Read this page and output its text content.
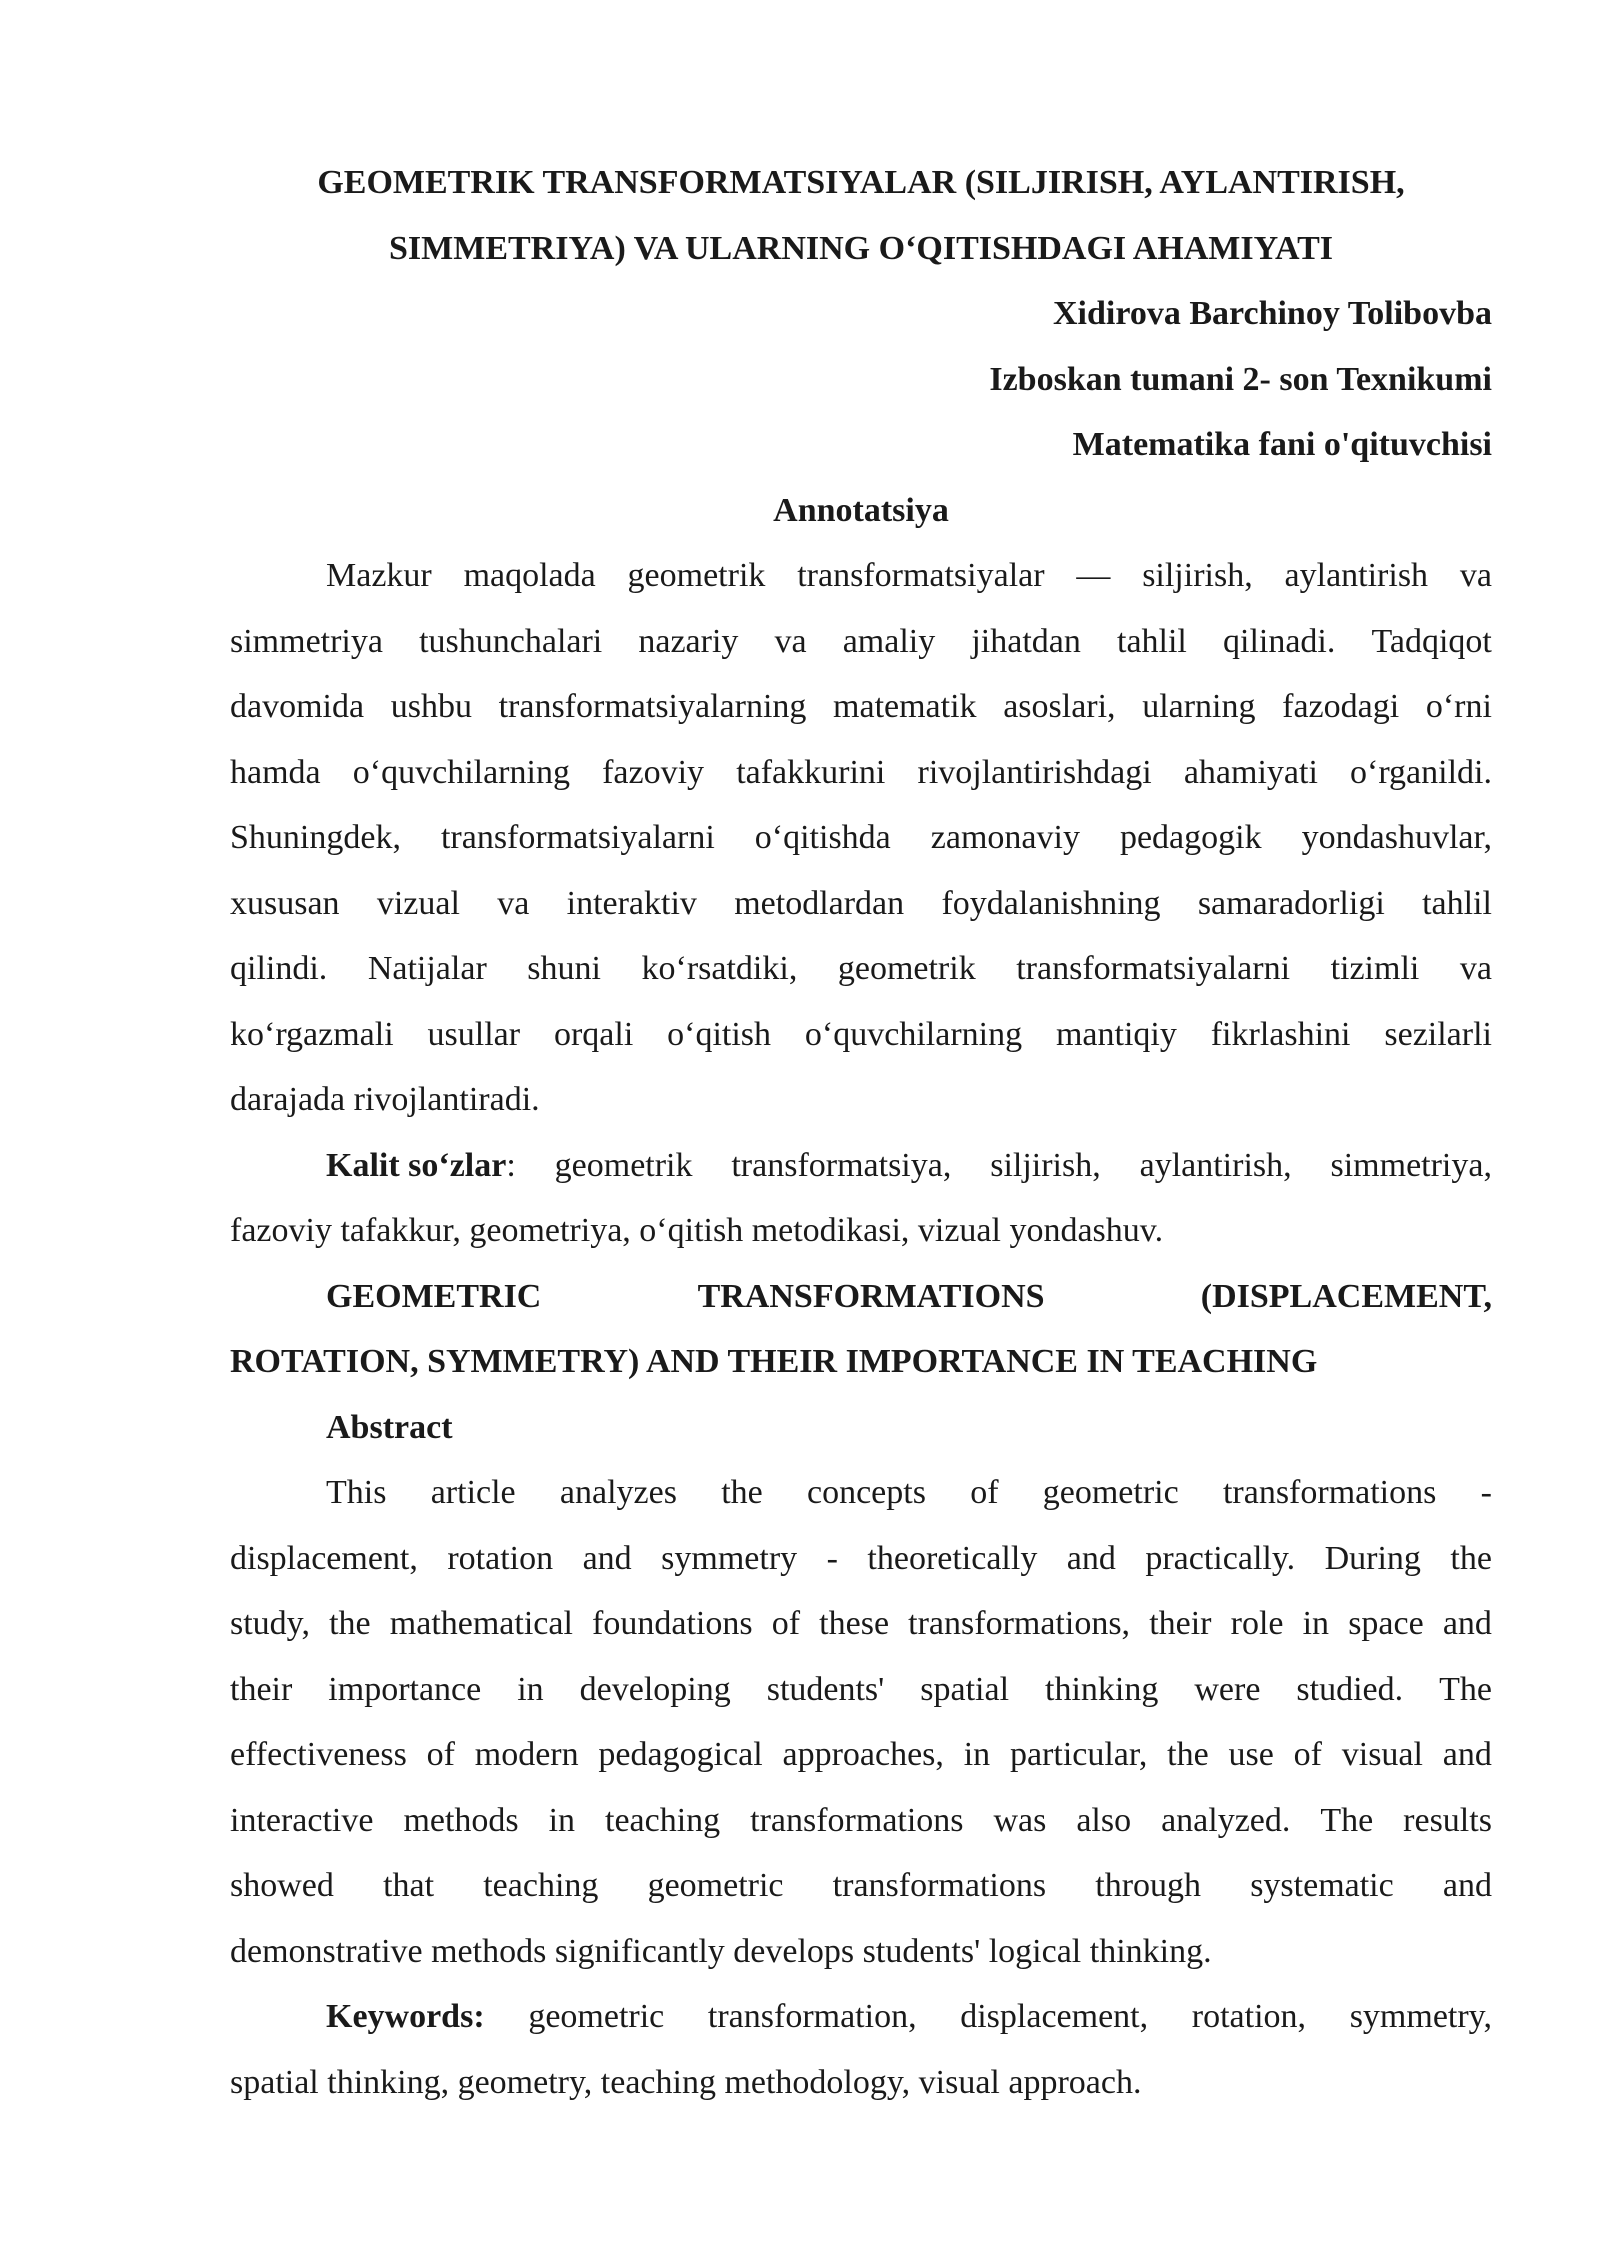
GEOMETRIK TRANSFORMATSIYALAR (SILJIRISH, AYLANTIRISH,
SIMMETRIYA) VA ULARNING O‘QITISHDAGI AHAMIYATI
Xidirova Barchinoy Tolibovba
Izboskan tumani 2- son Texnikumi
Matematika fani o'qituvchisi
Annotatsiya
Mazkur maqolada geometrik transformatsiyalar — siljirish, aylantirish va
simmetriya tushunchalari nazariy va amaliy jihatdan tahlil qilinadi. Tadqiqot
davomida ushbu transformatsiyalarning matematik asoslari, ularning fazodagi o‘rni
hamda o‘quvchilarning fazoviy tafakkurini rivojlantirishdagi ahamiyati o‘rganildi.
Shuningdek, transformatsiyalarni o‘qitishda zamonaviy pedagogik yondashuvlar,
xususan vizual va interaktiv metodlardan foydalanishning samaradorligi tahlil
qilindi. Natijalar shuni ko‘rsatdiki, geometrik transformatsiyalarni tizimli va
ko‘rgazmali usullar orqali o‘qitish o‘quvchilarning mantiqiy fikrlashini sezilarli
darajada rivojlantiradi.
Kalit so‘zlar: geometrik transformatsiya, siljirish, aylantirish, simmetriya,
fazoviy tafakkur, geometriya, o‘qitish metodikasi, vizual yondashuv.
GEOMETRIC	TRANSFORMATIONS	(DISPLACEMENT,
ROTATION, SYMMETRY) AND THEIR IMPORTANCE IN TEACHING
Abstract
This article analyzes the concepts of geometric transformations -
displacement, rotation and symmetry - theoretically and practically. During the
study, the mathematical foundations of these transformations, their role in space and
their importance in developing students' spatial thinking were studied. The
effectiveness of modern pedagogical approaches, in particular, the use of visual and
interactive methods in teaching transformations was also analyzed. The results
showed that teaching geometric transformations through systematic and
demonstrative methods significantly develops students' logical thinking.
Keywords: geometric transformation, displacement, rotation, symmetry,
spatial thinking, geometry, teaching methodology, visual approach.
